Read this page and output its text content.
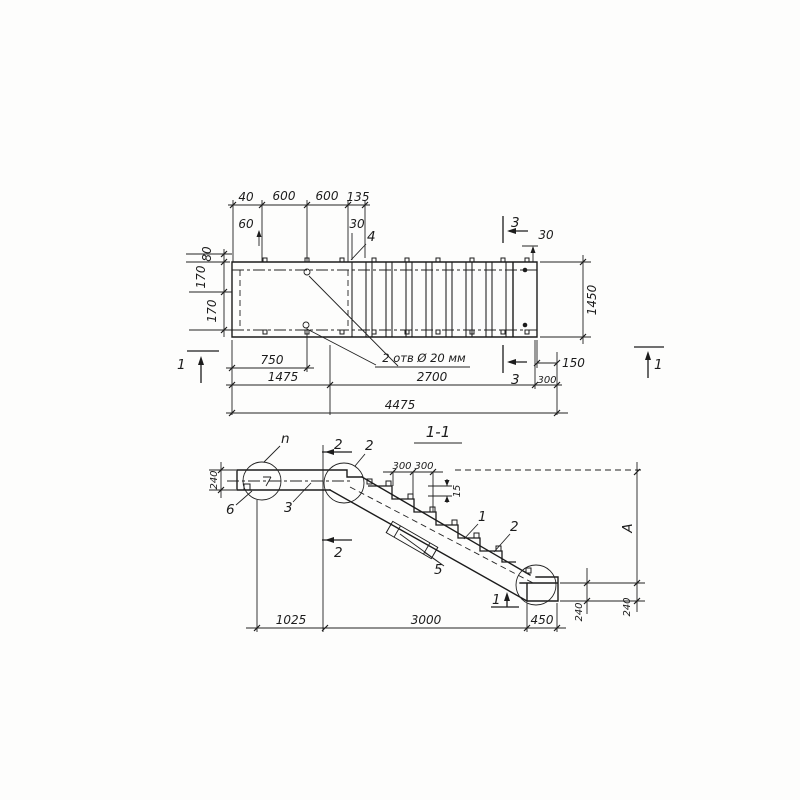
40 600 600 135
60	30
4
80
170
170	1450
150
30
2 отв Ø 20 мм
750
1475	2700	300
4475
3
3
1	1
1-1
n
6	3
2
1
2
5
2
2
1
300 300
15
240
1025	3000	450 240
A
240
